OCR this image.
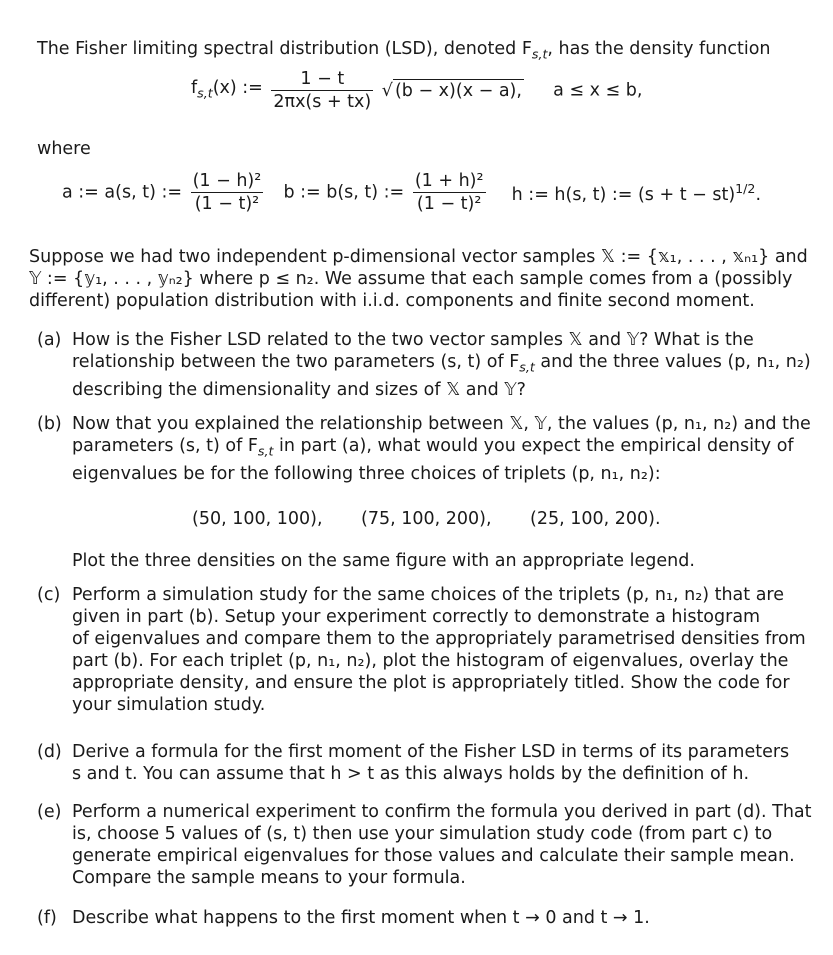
The Fisher limiting spectral distribution (LSD), denoted $F_{s,t}$, has the density function
$f_{s,t}(x)$ := $\frac{1 - t}{2\pi x(s + tx)}$ √ (b − x)(x − a), a ≤ x ≤ b,
where
a := a(s, t) := $\frac{\text{(1 − h)²}}{\text{(1 − t)²}}$ b := b(s, t) := $\frac{\text{(1 + h)²}}{\text{(1 − t)²}}$ h := h(s, t) := (s + t − st)$^{1/2}$.
Suppose we had two independent p-dimensional vector samples 𝕏 := {𝕩₁, . . . , 𝕩ₙ₁} and
𝕐 := {𝕪₁, . . . , 𝕪ₙ₂} where p ≤ n₂. We assume that each sample comes from a (possibly
different) population distribution with i.i.d. components and finite second moment.
(a) How is the Fisher LSD related to the two vector samples 𝕏 and 𝕐? What is the
relationship between the two parameters (s, t) of $F_{s,t}$ and the three values (p, n₁, n₂)
describing the dimensionality and sizes of 𝕏 and 𝕐?
(b) Now that you explained the relationship between 𝕏, 𝕐, the values (p, n₁, n₂) and the
parameters (s, t) of $F_{s,t}$ in part (a), what would you expect the empirical density of
eigenvalues be for the following three choices of triplets (p, n₁, n₂):
(50, 100, 100), (75, 100, 200), (25, 100, 200).
Plot the three densities on the same figure with an appropriate legend.
(c) Perform a simulation study for the same choices of the triplets (p, n₁, n₂) that are
given in part (b). Setup your experiment correctly to demonstrate a histogram
of eigenvalues and compare them to the appropriately parametrised densities from
part (b). For each triplet (p, n₁, n₂), plot the histogram of eigenvalues, overlay the
appropriate density, and ensure the plot is appropriately titled. Show the code for
your simulation study.
(d) Derive a formula for the first moment of the Fisher LSD in terms of its parameters
s and t. You can assume that h > t as this always holds by the definition of h.
(e) Perform a numerical experiment to confirm the formula you derived in part (d). That
is, choose 5 values of (s, t) then use your simulation study code (from part c) to
generate empirical eigenvalues for those values and calculate their sample mean.
Compare the sample means to your formula.
(f) Describe what happens to the first moment when t → 0 and t → 1.
